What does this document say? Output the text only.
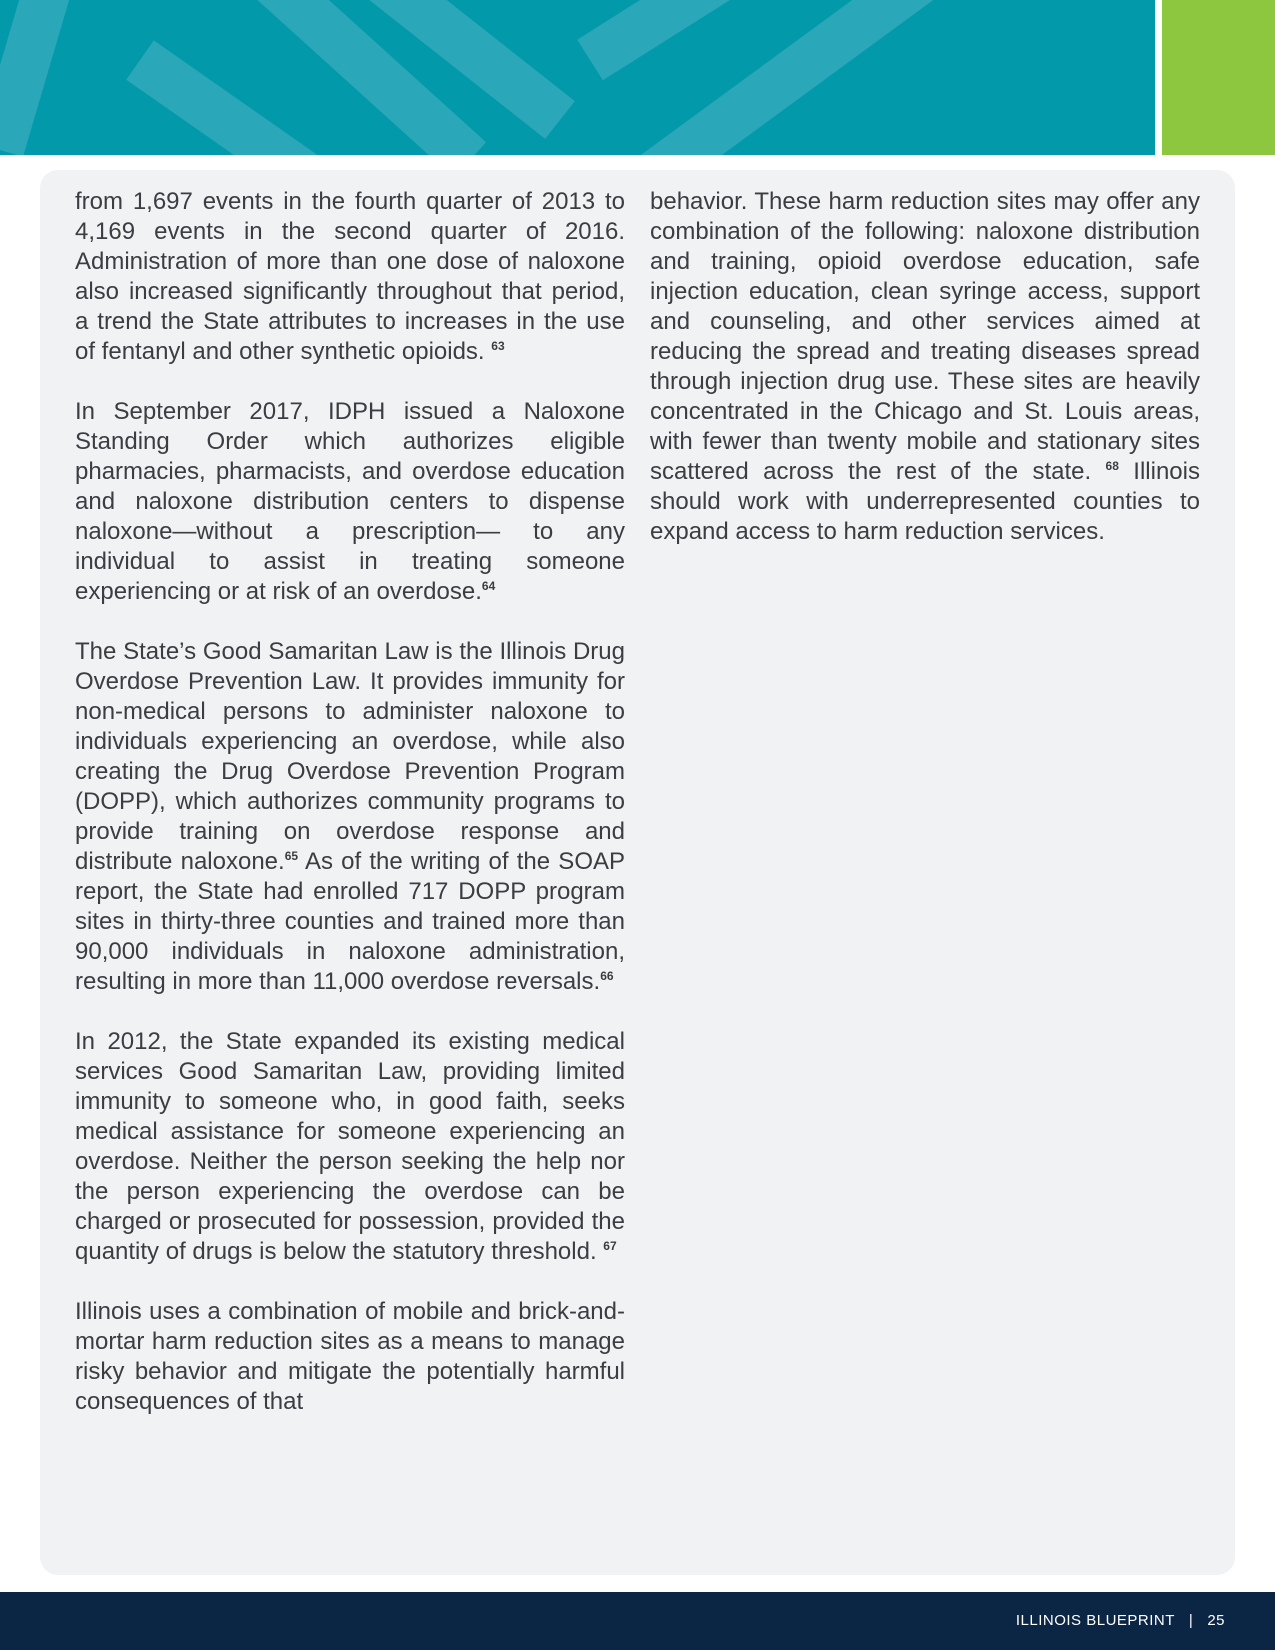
from 1,697 events in the fourth quarter of 2013 to 4,169 events in the second quarter of 2016. Administration of more than one dose of naloxone also increased significantly throughout that period, a trend the State attributes to increases in the use of fentanyl and other synthetic opioids. $^{63}$

In September 2017, IDPH issued a Naloxone Standing Order which authorizes eligible pharmacies, pharmacists, and overdose education and naloxone distribution centers to dispense naloxone—without a prescription— to any individual to assist in treating someone experiencing or at risk of an overdose.$^{64}$

The State’s Good Samaritan Law is the Illinois Drug Overdose Prevention Law. It provides immunity for non-medical persons to administer naloxone to individuals experiencing an overdose, while also creating the Drug Overdose Prevention Program (DOPP), which authorizes community programs to provide training on overdose response and distribute naloxone.$^{65}$ As of the writing of the SOAP report, the State had enrolled 717 DOPP program sites in thirty-three counties and trained more than 90,000 individuals in naloxone administration, resulting in more than 11,000 overdose reversals.$^{66}$

In 2012, the State expanded its existing medical services Good Samaritan Law, providing limited immunity to someone who, in good faith, seeks medical assistance for someone experiencing an overdose. Neither the person seeking the help nor the person experiencing the overdose can be charged or prosecuted for possession, provided the quantity of drugs is below the statutory threshold. $^{67}$

Illinois uses a combination of mobile and brick-and-mortar harm reduction sites as a means to manage risky behavior and mitigate the potentially harmful consequences of that

behavior. These harm reduction sites may offer any combination of the following: naloxone distribution and training, opioid overdose education, safe injection education, clean syringe access, support and counseling, and other services aimed at reducing the spread and treating diseases spread through injection drug use. These sites are heavily concentrated in the Chicago and St. Louis areas, with fewer than twenty mobile and stationary sites scattered across the rest of the state. $^{68}$ Illinois should work with underrepresented counties to expand access to harm reduction services.

ILLINOIS BLUEPRINT | 25
